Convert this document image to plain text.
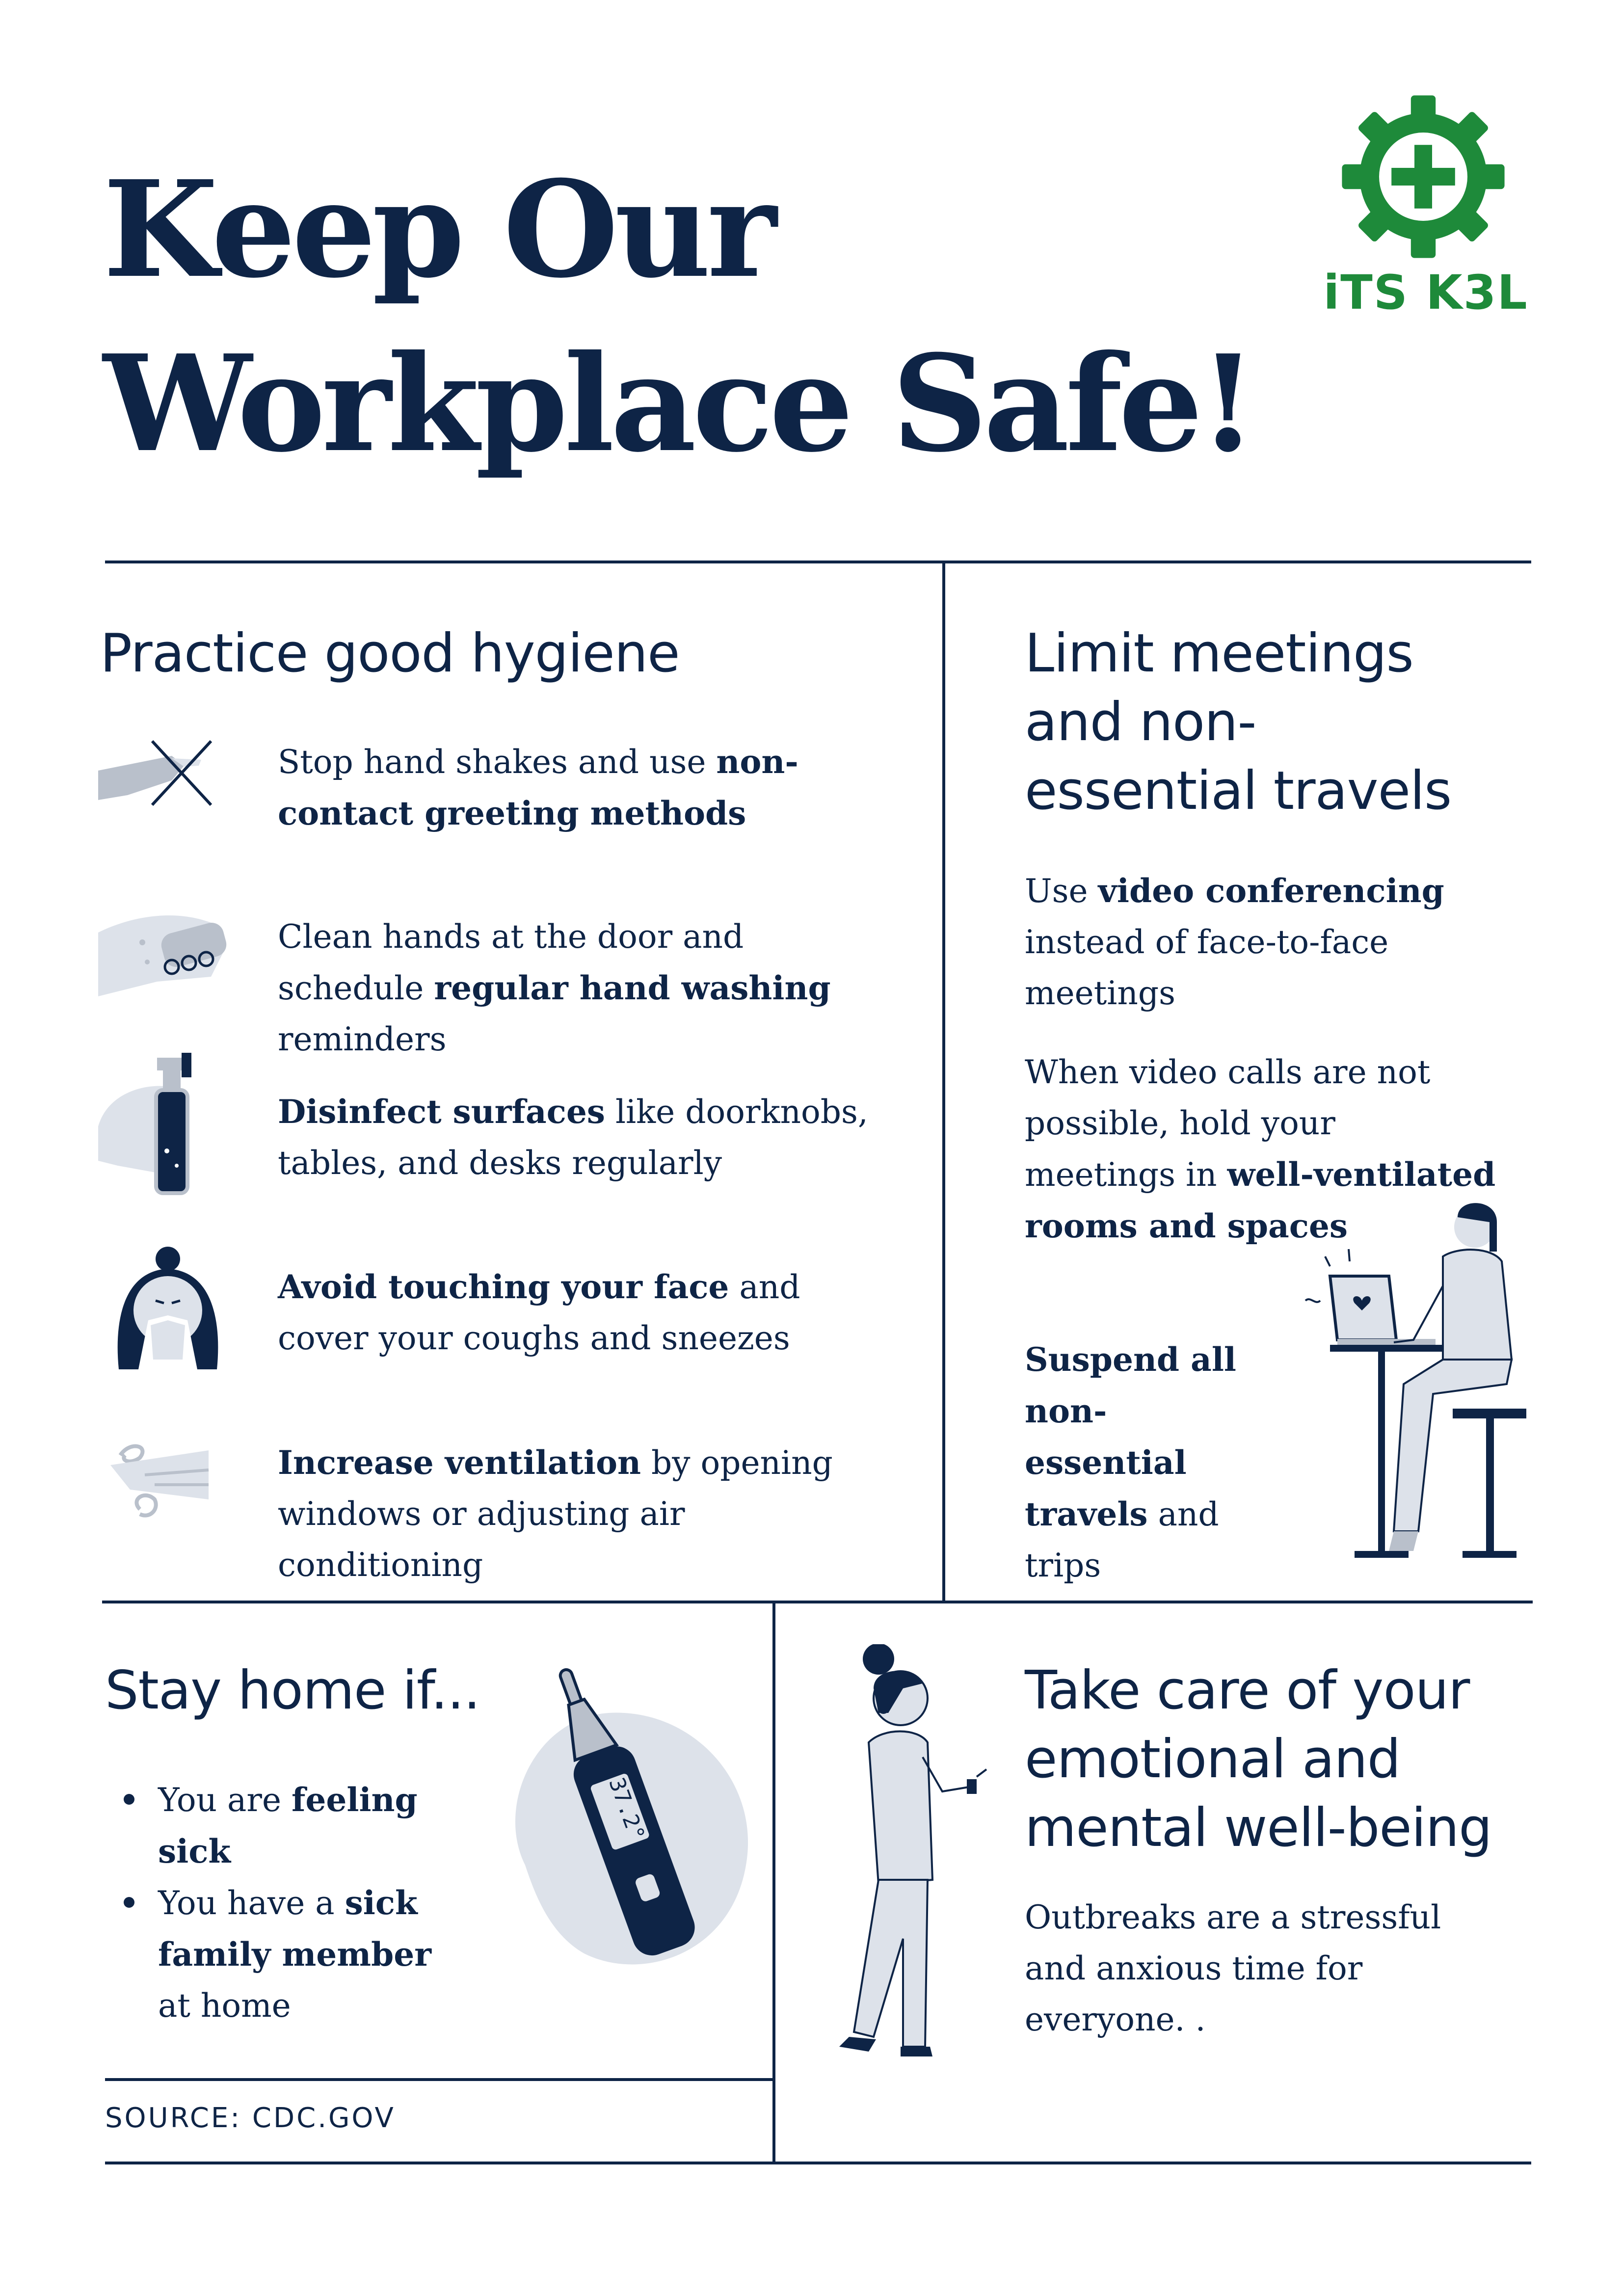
Keep Our
Workplace Safe!
iTS K3L
Practice good hygiene
Stop hand shakes and use non-contact greeting methods
Clean hands at the door and schedule regular hand washing reminders
Disinfect surfaces like doorknobs, tables, and desks regularly
Avoid touching your face and cover your coughs and sneezes
Increase ventilation by opening windows or adjusting air conditioning
Limit meetings
and non-
essential travels
Use video conferencing instead of face-to-face meetings
When video calls are not possible, hold your meetings in well-ventilated rooms and spaces
Suspend all non-essential travels and trips
Stay home if...
You are feeling sick
You have a sick family member at home
37.2°
SOURCE: CDC.GOV
Take care of your
emotional and
mental well-being
Outbreaks are a stressful and anxious time for everyone. .
